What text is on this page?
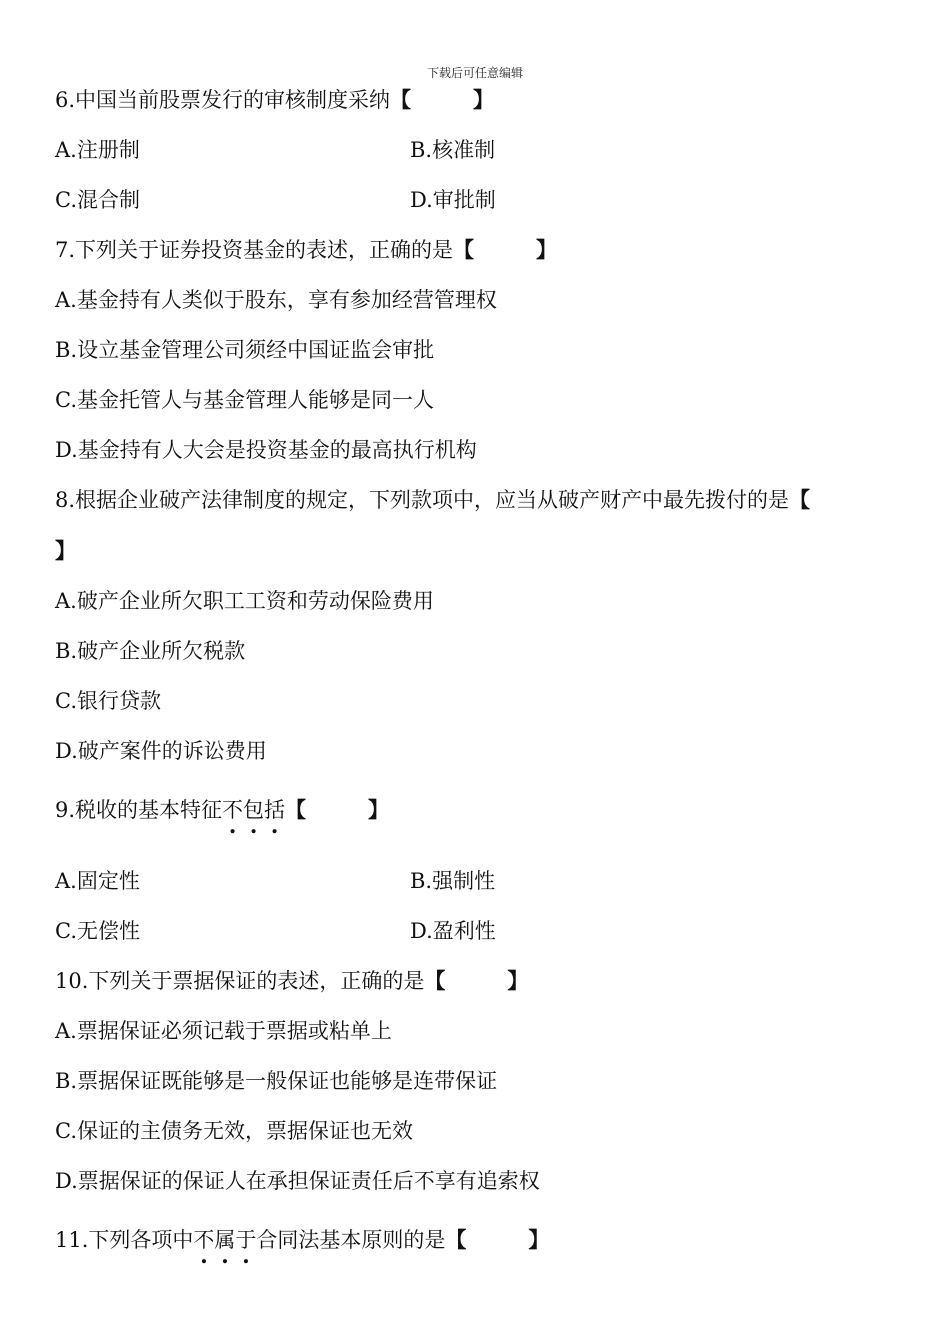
下载后可任意编辑
6.中国当前股票发行的审核制度采纳【	】
A.注册制	B.核准制
C.混合制	D.审批制
7.下列关于证券投资基金的表述，正确的是【	】
A.基金持有人类似于股东，享有参加经营管理权
B.设立基金管理公司须经中国证监会审批
C.基金托管人与基金管理人能够是同一人
D.基金持有人大会是投资基金的最高执行机构
8.根据企业破产法律制度的规定，下列款项中，应当从破产财产中最先拨付的是【
】
A.破产企业所欠职工工资和劳动保险费用
B.破产企业所欠税款
C.银行贷款
D.破产案件的诉讼费用
9.税收的基本特征不包括【	】
A.固定性	B.强制性
C.无偿性	D.盈利性
10.下列关于票据保证的表述，正确的是【	】
A.票据保证必须记载于票据或粘单上
B.票据保证既能够是一般保证也能够是连带保证
C.保证的主债务无效，票据保证也无效
D.票据保证的保证人在承担保证责任后不享有追索权
11.下列各项中不属于合同法基本原则的是【	】
